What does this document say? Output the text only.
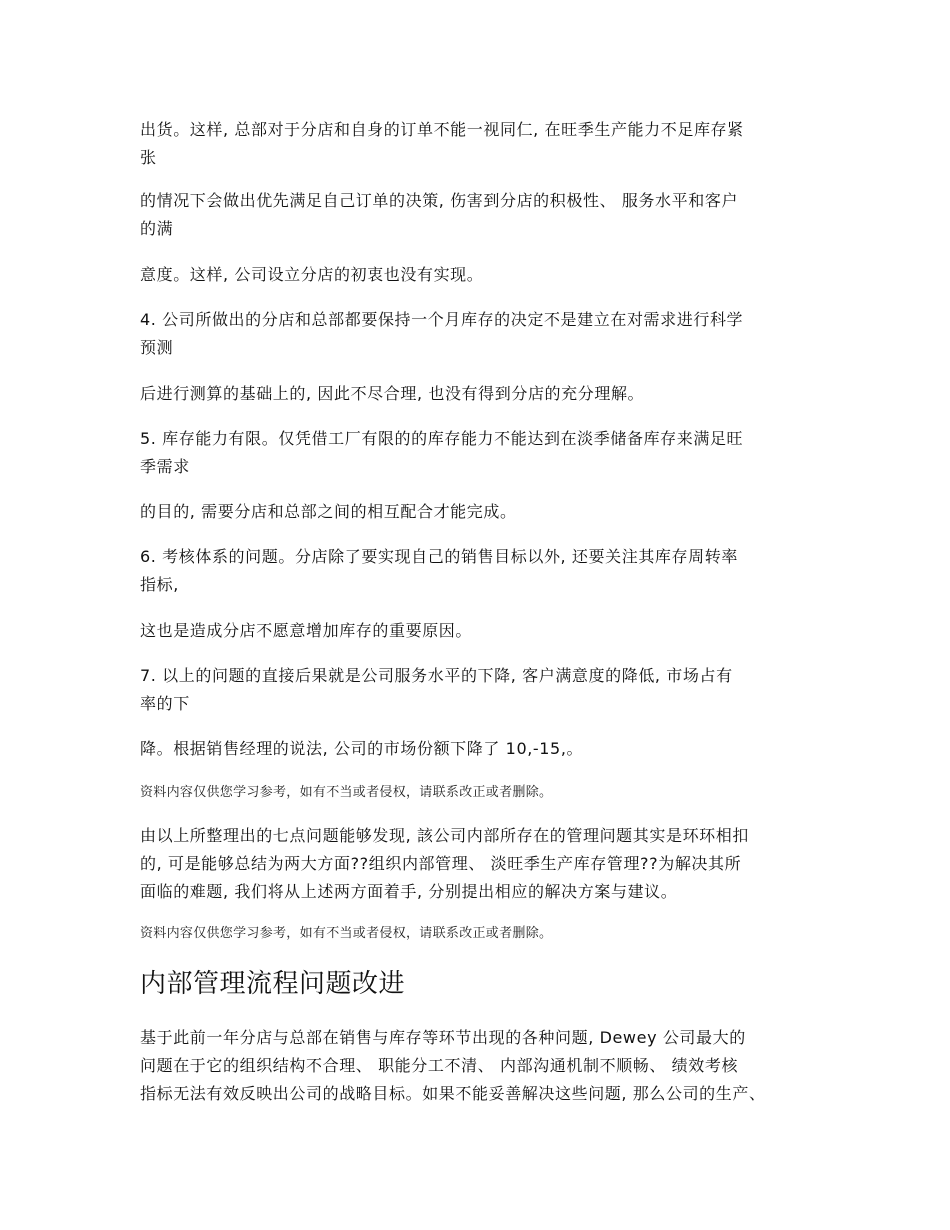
出货。这样, 总部对于分店和自身的订单不能一视同仁, 在旺季生产能力不足库存紧
张

的情况下会做出优先满足自己订单的决策, 伤害到分店的积极性、 服务水平和客户
的满

意度。这样, 公司设立分店的初衷也没有实现。

4. 公司所做出的分店和总部都要保持一个月库存的决定不是建立在对需求进行科学
预测

后进行测算的基础上的, 因此不尽合理, 也没有得到分店的充分理解。

5. 库存能力有限。仅凭借工厂有限的的库存能力不能达到在淡季储备库存来满足旺
季需求

的目的, 需要分店和总部之间的相互配合才能完成。

6. 考核体系的问题。分店除了要实现自己的销售目标以外, 还要关注其库存周转率
指标,

这也是造成分店不愿意增加库存的重要原因。

7. 以上的问题的直接后果就是公司服务水平的下降, 客户满意度的降低, 市场占有
率的下

降。根据销售经理的说法, 公司的市场份额下降了 10,-15,。

资料内容仅供您学习参考，如有不当或者侵权，请联系改正或者删除。

由以上所整理出的七点问题能够发现, 該公司内部所存在的管理问题其实是环环相扣
的, 可是能够总结为两大方面??组织内部管理、 淡旺季生产库存管理??为解决其所
面临的难题, 我们将从上述两方面着手, 分别提出相应的解决方案与建议。

资料内容仅供您学习参考，如有不当或者侵权，请联系改正或者删除。

内部管理流程问题改进

基于此前一年分店与总部在销售与库存等环节出现的各种问题, Dewey 公司最大的
问题在于它的组织结构不合理、 职能分工不清、 内部沟通机制不顺畅、 绩效考核
指标无法有效反映出公司的战略目标。如果不能妥善解决这些问题, 那么公司的生产、
